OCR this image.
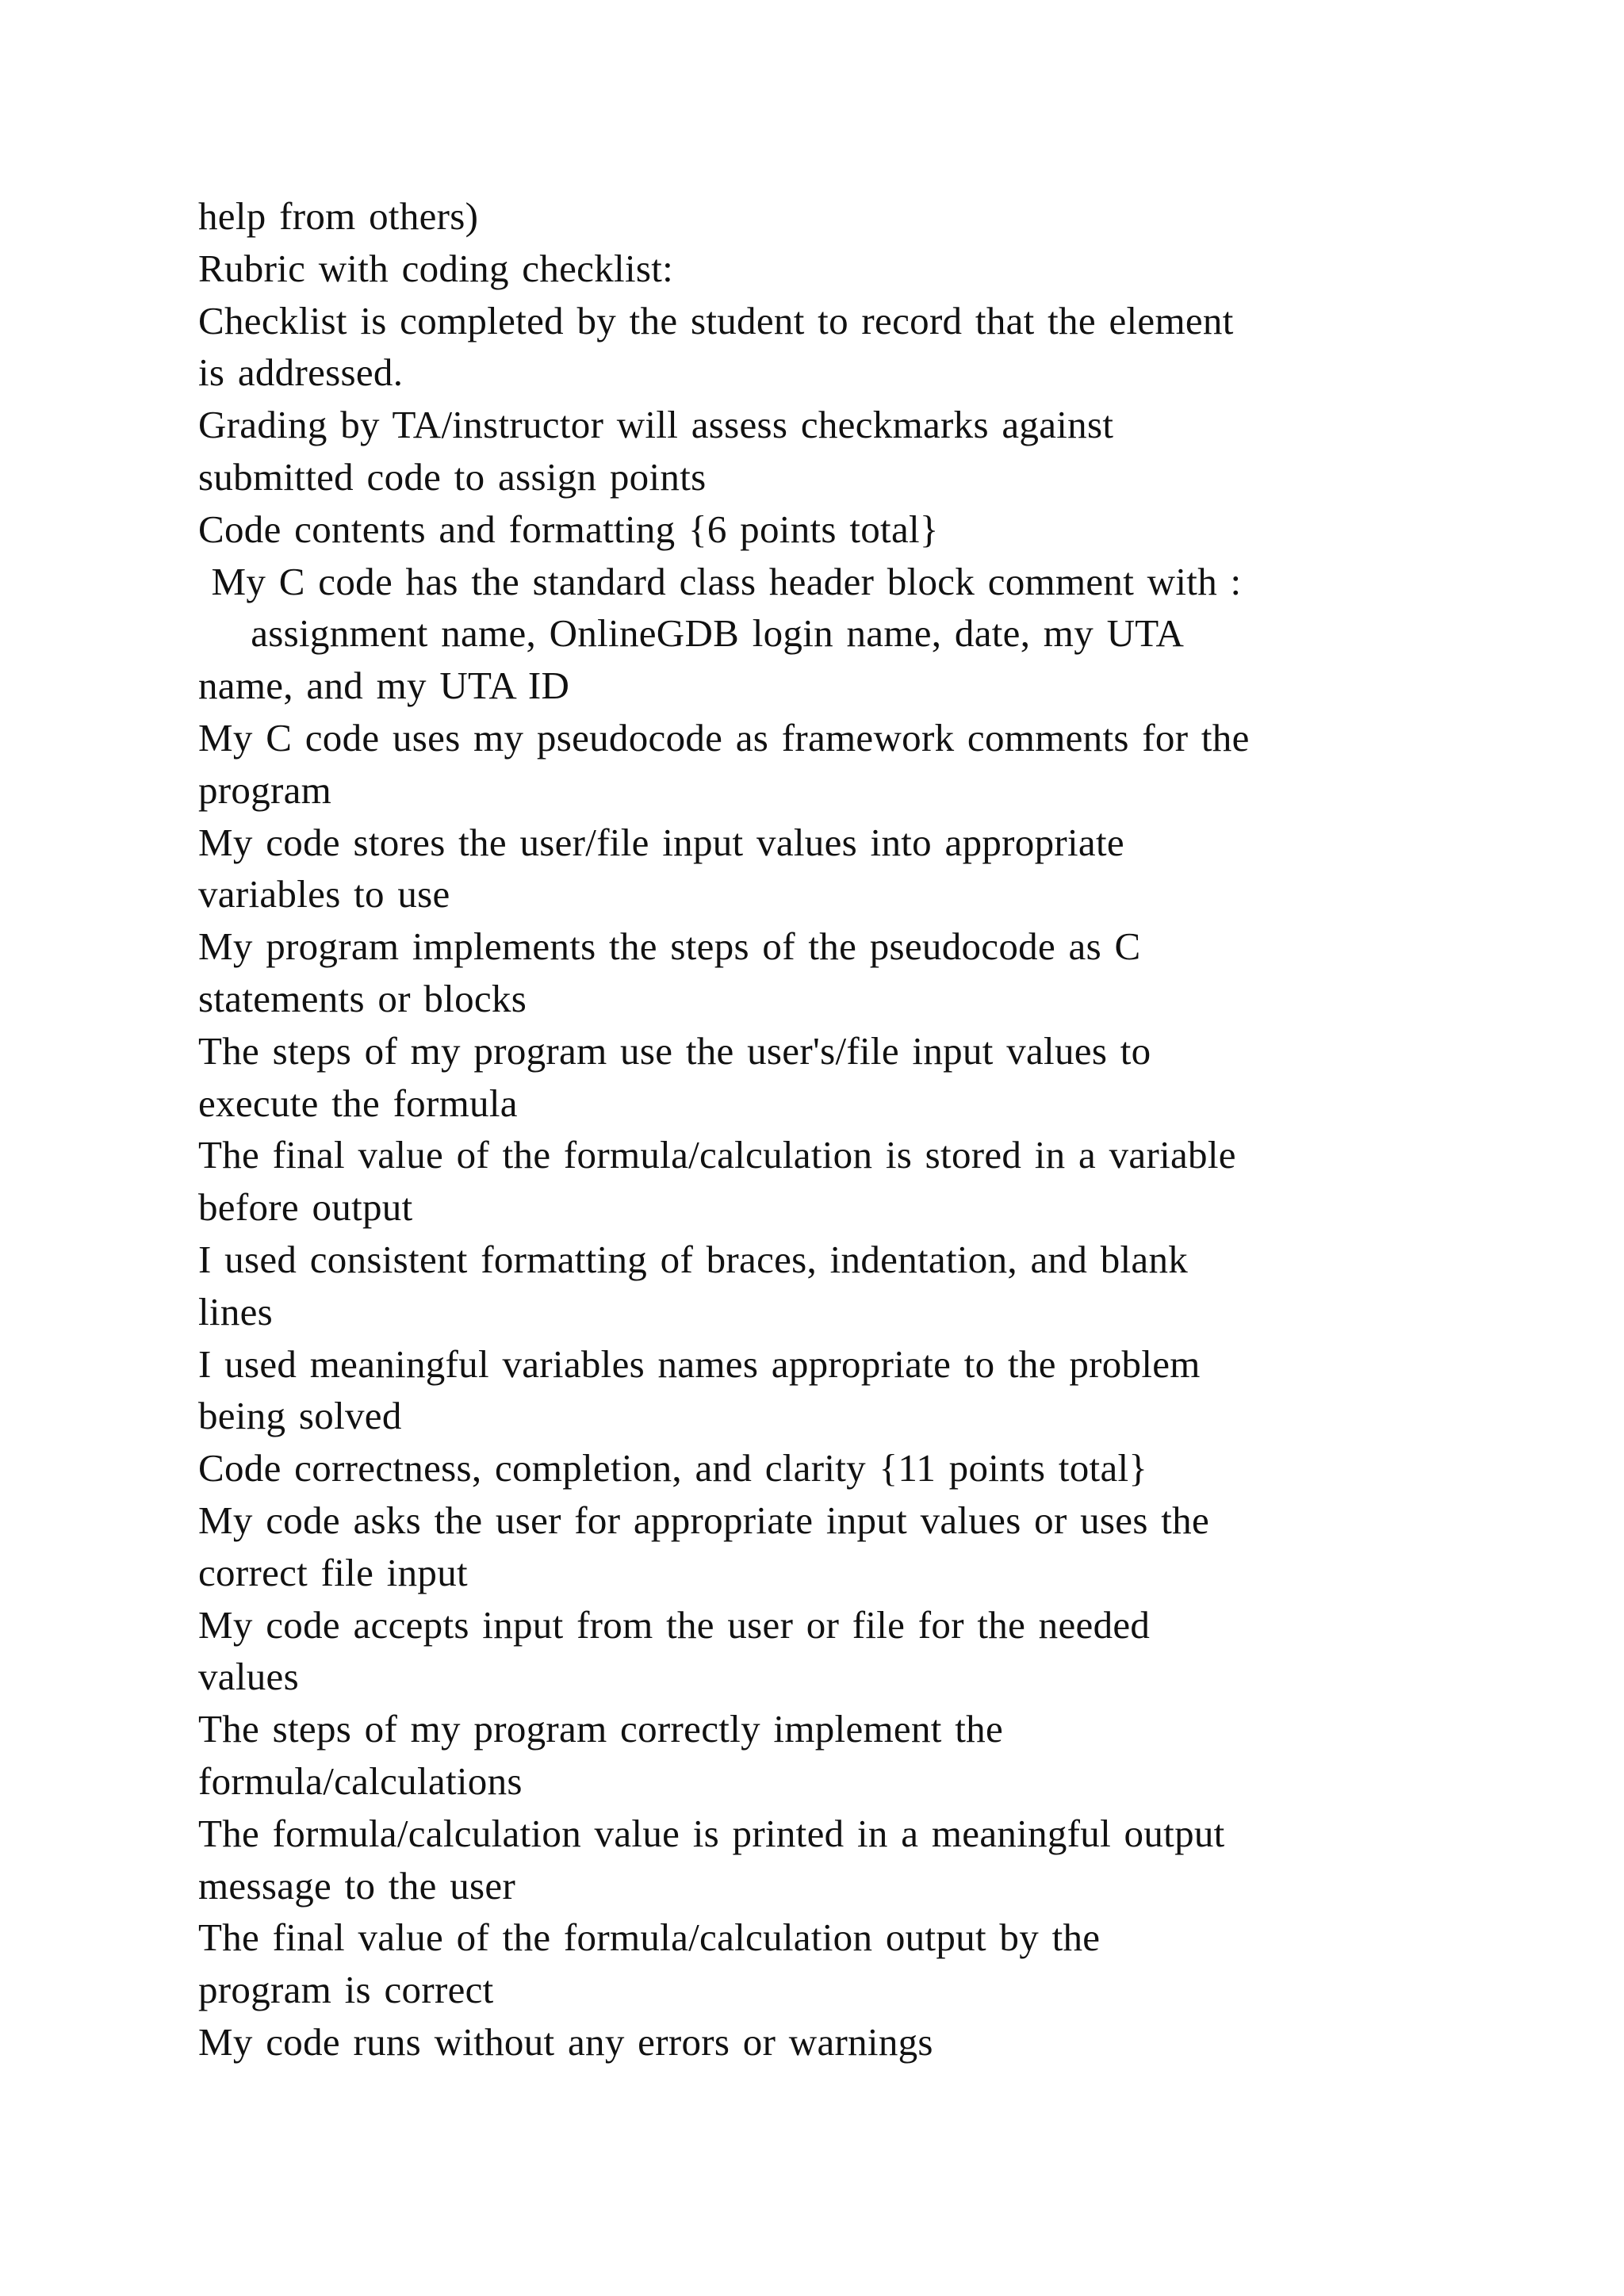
help from others)
Rubric with coding checklist:
Checklist is completed by the student to record that the element
is addressed.
Grading by TA/instructor will assess checkmarks against
submitted code to assign points
Code contents and formatting {6 points total}
My C code has the standard class header block comment with :
assignment name, OnlineGDB login name, date, my UTA
name, and my UTA ID
My C code uses my pseudocode as framework comments for the
program
My code stores the user/file input values into appropriate
variables to use
My program implements the steps of the pseudocode as C
statements or blocks
The steps of my program use the user's/file input values to
execute the formula
The final value of the formula/calculation is stored in a variable
before output
I used consistent formatting of braces, indentation, and blank
lines
I used meaningful variables names appropriate to the problem
being solved
Code correctness, completion, and clarity {11 points total}
My code asks the user for appropriate input values or uses the
correct file input
My code accepts input from the user or file for the needed
values
The steps of my program correctly implement the
formula/calculations
The formula/calculation value is printed in a meaningful output
message to the user
The final value of the formula/calculation output by the
program is correct
My code runs without any errors or warnings
